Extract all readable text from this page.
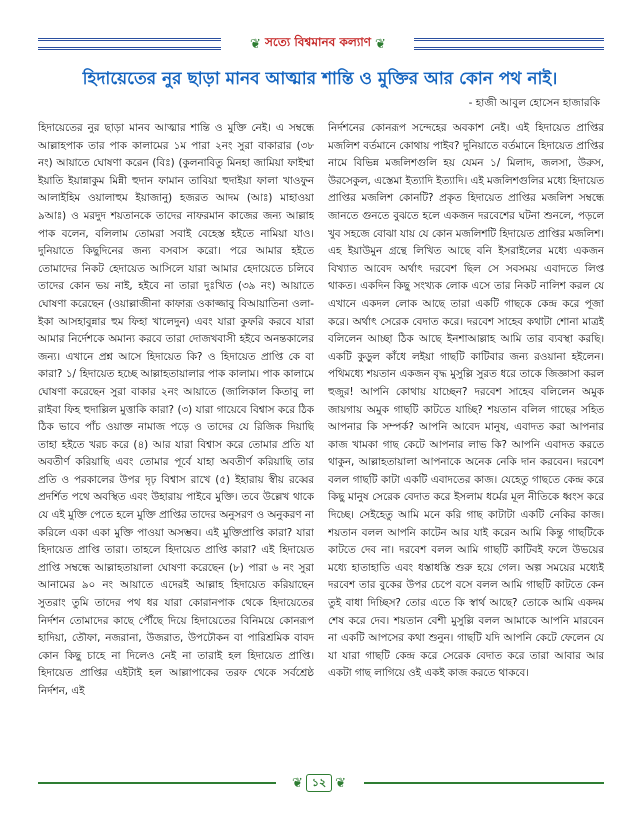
❦ সত্যে বিশ্বমানব কল্যাণ ❦
হিদায়েতের নুর ছাড়া মানব আত্মার শান্তি ও মুক্তির আর কোন পথ নাই।
- হাজী আবুল হোসেন হাজারকি

হিদায়েতের নুর ছাড়া মানব আত্মার শান্তি ও মুক্তি নেই। এ সম্বন্ধে আল্লাহপাক তার পাক কালামের ১ম পারা ২নং সুরা বাকারার (৩৮ নং) আয়াতে ঘোষণা করেন (বিঃ) (কুলনাবিতু মিনহা জামিয়া ফাইম্মা ইয়াতি ইয়ান্নাকুম মিন্নী হুদান ফামান তাবিয়া হুদাইয়া ফালা খাওফুন আলাইহিম ওয়ালাহুম ইয়াজানু) হজরত আদম (আঃ) মাহাওয়া ৯আঃ) ও মরদুদ শয়তানকে তাদের নাফরমান কাজের জন্য আল্লাহ পাক বলেন, বলিলাম তোমরা সবাই বেহেস্ত হইতে নামিয়া যাও। দুনিয়াতে কিছুদিনের জন্য বসবাস করো। পরে আমার হইতে তোমাদের নিকট হেদায়েত আসিলে যারা আমার হেদায়েতে চলিবে তাদের কোন ভয় নাই, হইবে না তারা দুঃখিত (৩৯ নং) আয়াতে ঘোষণা করেছেন (ওয়াল্লাজীনা কাফারূ ওকাজ্জাবু বিআয়াতিনা ওলা-ইকা আসহাবুন্নার হুম ফিহা খালেদুন) এবং যারা কুফরি করবে যারা আমার নির্দেশকে অমান্য করবে তারা দোজখবাসী হইবে অনন্তকালের জন্য। এখানে প্রশ্ন আসে হিদায়েত কি? ও হিদায়েত প্রাপ্তি কে বা কারা? ১/ হিদায়েত হচ্ছে আল্লাহতায়ালার পাক কালাম। পাক কালামে ঘোষণা করেছেন সুরা বাকার ২নং আয়াতে (জালিকাল কিতাবু লা রাইবা ফিহ হুদাল্লিল মুত্তাকি কারা? (৩) যারা গায়েবে বিশ্বাস করে ঠিক ঠিক ভাবে পাঁচ ওয়াক্ত নামাজ পড়ে ও তাদের যে রিজিক দিয়াছি তাহা হইতে খরচ করে (৪) আর যারা বিশ্বাস করে তোমার প্রতি যা অবতীর্ণ করিয়াছি এবং তোমার পূর্বে যাহা অবতীর্ণ করিয়াছি তার প্রতি ও পরকালের উপর দৃঢ় বিশ্বাস রাখে (৫) ইহারায় স্বীয় রব্বের প্রদর্শিত পথে অবস্থিত এবং উহারায় পাইবে মুক্তি। তবে উল্লেখ থাকে যে এই মুক্তি পেতে হলে মুক্তি প্রাপ্তির তাদের অনুসরণ ও অনুকরণ না করিলে একা একা মুক্তি পাওয়া অসম্ভব। এই মুক্তিপ্রাপ্তি কারা? যারা হিদায়েত প্রাপ্তি তারা। তাহলে হিদায়েত প্রাপ্তি কারা? এই হিদায়েত প্রাপ্তি সম্বন্ধে আল্লাহতায়ালা ঘোষণা করেছেন (৮) পারা ৬ নং সুরা আনামের ৯০ নং আয়াতে এদেরই আল্লাহ হিদায়েত করিয়াছেন সুতরাং তুমি তাদের পথ ধর যারা কোরানপাক থেকে হিদায়েতের নির্দশন তোমাদের কাছে পৌঁছে দিয়ে হিদায়েতের বিনিময়ে কোনরূপ হাদিয়া, তৌফা, নজরানা, উজরাত, উপঢৌকন বা পারিশ্রমিক বাবদ কোন কিছু চাহে না দিলেও নেই না তারাই হল হিদায়েত প্রাপ্তি। হিদায়েত প্রাপ্তির এইটাই হল আল্লাপাকের তরফ থেকে সর্বশ্রেষ্ঠ নির্দশন, এই

নির্দশনের কোনরূপ সন্দেহের অবকাশ নেই। এই হিদায়েত প্রাপ্তির মজলিশ বর্তমানে কোথায় পাইব? দুনিয়াতে বর্তমানে হিদায়েত প্রাপ্তির নামে বিভিন্ন মজলিশগুলি হয় যেমন ১/ মিলাদ, জলসা, উরুস, উরসেকুল, এস্তেমা ইত্যাদি ইত্যাদি। এই মজলিশগুলির মধ্যে হিদায়েত প্রাপ্তির মজলিশ কোনটি? প্রকৃত হিদায়েত প্রাপ্তির মজলিশ সম্বন্ধে জানতে গুনতে বুঝতে হলে একজন দরবেশের ঘটনা শুনলে, পড়লে খুব সহজে বোঝা যায় যে কোন মজলিশটি হিদায়েত প্রাপ্তির মজলিশ। এহ ইয়াউমুন গ্রন্থে লিখিত আছে বনি ইসরাইলের মধ্যে একজন বিখ্যাত আবেদ অর্থাৎ দরবেশ ছিল সে সবসময় এবাদতে লিপ্ত থাকত। একদিন কিছু সংখ্যক লোক এসে তার নিকট নালিশ করল যে এখানে একদল লোক আছে তারা একটি গাছকে কেন্দ্র করে পূজা করে। অর্থাৎ সেরেক বেদাত করে। দরবেশ সাহেব কথাটা শোনা মাত্রই বলিলেন আচ্ছা ঠিক আছে ইনশাআল্লাহ আমি তার ব্যবস্থা করছি। একটি কুড়ুল কাঁধে লইয়া গাছটি কাটিবার জন্য রওয়ানা হইলেন। পথিমধ্যে শয়তান একজন বৃদ্ধ মুসুল্লি সুরত ধরে তাকে জিজ্ঞাসা করল হুজুর! আপনি কোথায় যাচ্ছেন? দরবেশ সাহেব বলিলেন অমুক জায়গায় অমুক গাছটি কাটতে যাচ্ছি? শয়তান বলিল গাছের সহিত আপনার কি সম্পর্ক? আপনি আবেদ মানুষ, এবাদত করা আপনার কাজ খামকা গাছ কেটে আপনার লাভ কি? আপনি এবাদত করতে থাকুন, আল্লাহতায়ালা আপনাকে অনেক নেকি দান করবেন। দরবেশ বলল গাছটি কাটা একটি এবাদতের কাজ। যেহেতু গাছতে কেন্দ্র করে কিছু মানুষ সেরেক বেদাত করে ইসলাম ধর্মের মূল নীতিকে ধ্বংস করে দিচ্ছে। সেইহেতু আমি মনে করি গাছ কাটাটা একটি নেকির কাজ। শয়তান বলল আপনি কাটেন আর যাই করেন আমি কিন্তু গাছটিকে কাটতে দেব না। দরবেশ বলল আমি গাছটি কাটিবই ফলে উভয়ের মধ্যে হাতাহাতি এবং ধস্তাধস্তি শুরু হয়ে গেল। অল্প সময়ের মধ্যেই দরবেশ তার বুকের উপর চেপে বসে বলল আমি গাছটি কাটতে কেন তুই বাধা দিচ্ছিস? তোর এতে কি স্বার্থ আছে? তোকে আমি একদম শেষ করে দেব। শয়তান বেশী মুসুল্লি বলল আমাকে আপনি মারবেন না একটি আপসের কথা শুনুন। গাছটি যদি আপনি কেটে ফেলেন যে যা যারা গাছটি কেন্দ্র করে সেরেক বেদাত করে তারা আবার আর একটা গাছ লাগিয়ে ওই একই কাজ করতে থাকবে।

❦ ১২ ❦
